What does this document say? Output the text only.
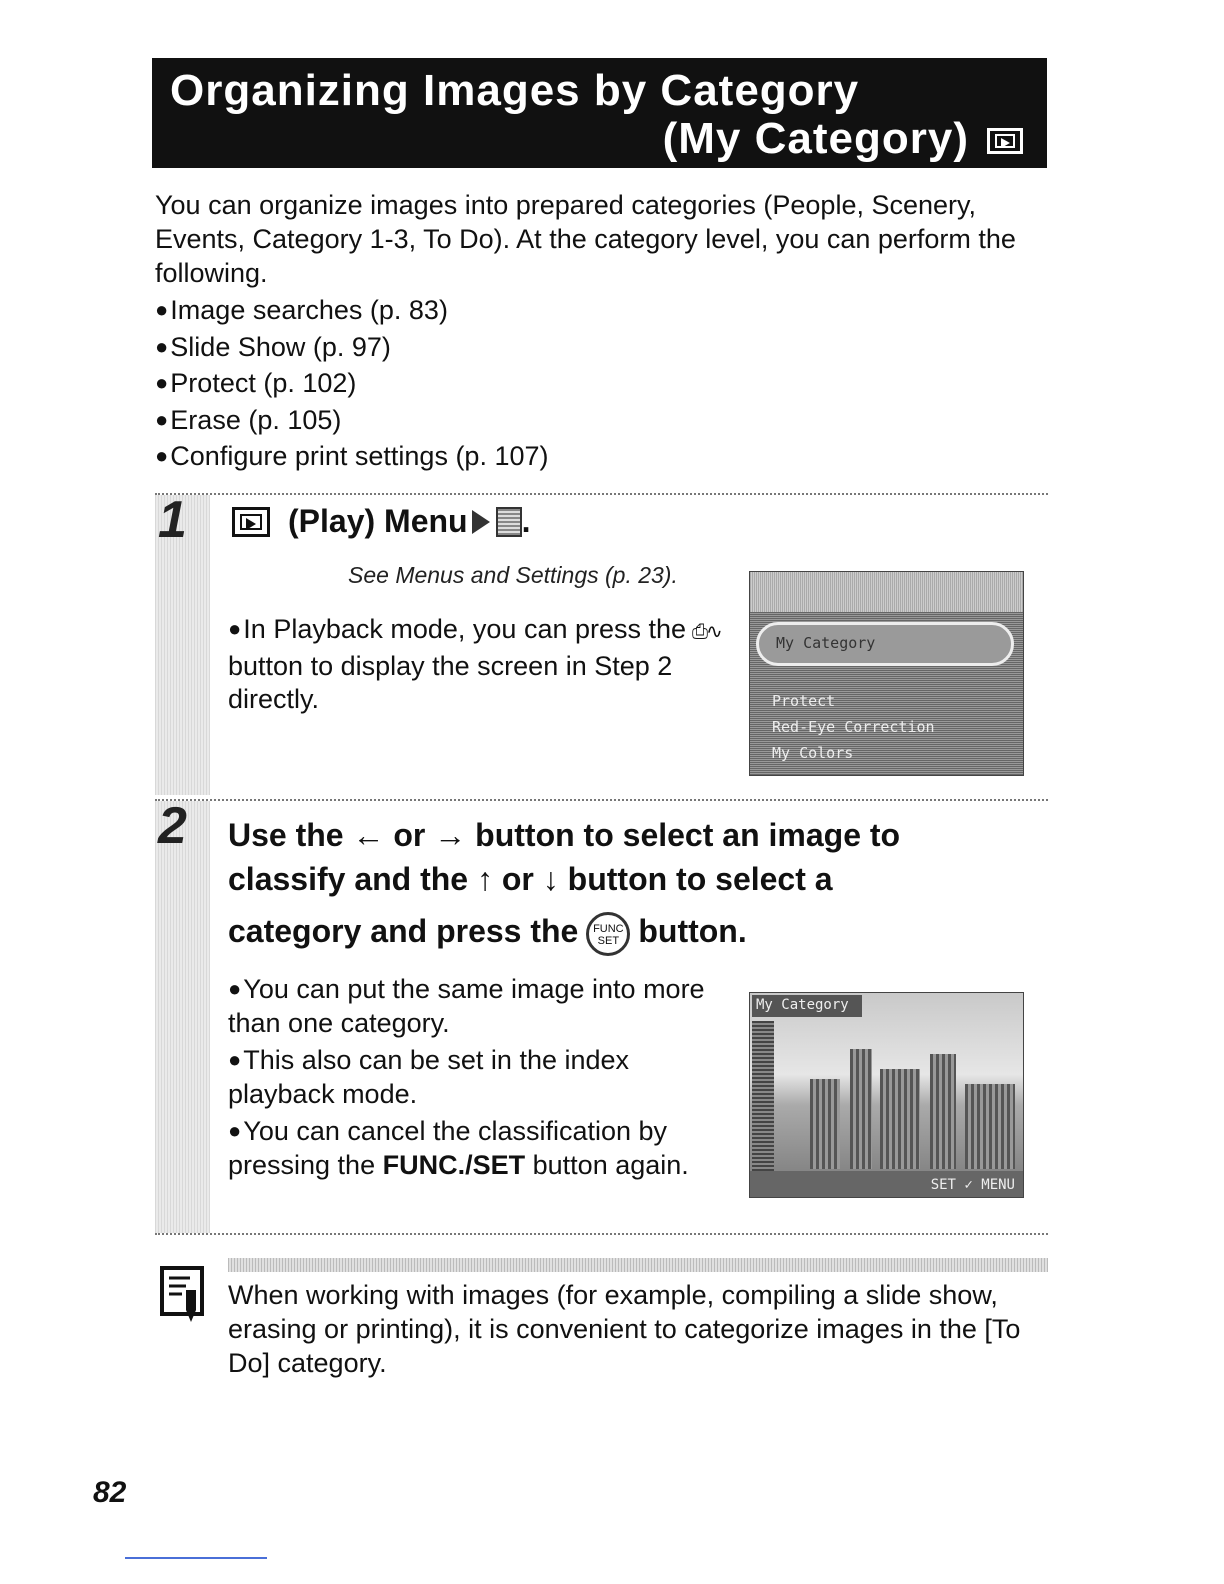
Organizing Images by Category
(My Category)
You can organize images into prepared categories (People, Scenery, Events, Category 1-3, To Do). At the category level, you can perform the following.
● Image searches (p. 83)
● Slide Show (p. 97)
● Protect (p. 102)
● Erase (p. 105)
● Configure print settings (p. 107)
1	(Play) Menu .
See Menus and Settings (p. 23).
● In Playback mode, you can press the ⎙∿button to display the screen in Step 2 directly.
My Category
Protect
Red-Eye Correction
My Colors
2 Use the ← or → button to select an image to
classify and the ↑ or ↓ button to select a
category and press the FUNC
SET button.
● You can put the same image into more than one category.
● This also can be set in the index playback mode.
● You can cancel the classification by pressing the FUNC./SET button again.
My Category
SET ✓ MENU
When working with images (for example, compiling a slide show, erasing or printing), it is convenient to categorize images in the [To Do] category.
82
